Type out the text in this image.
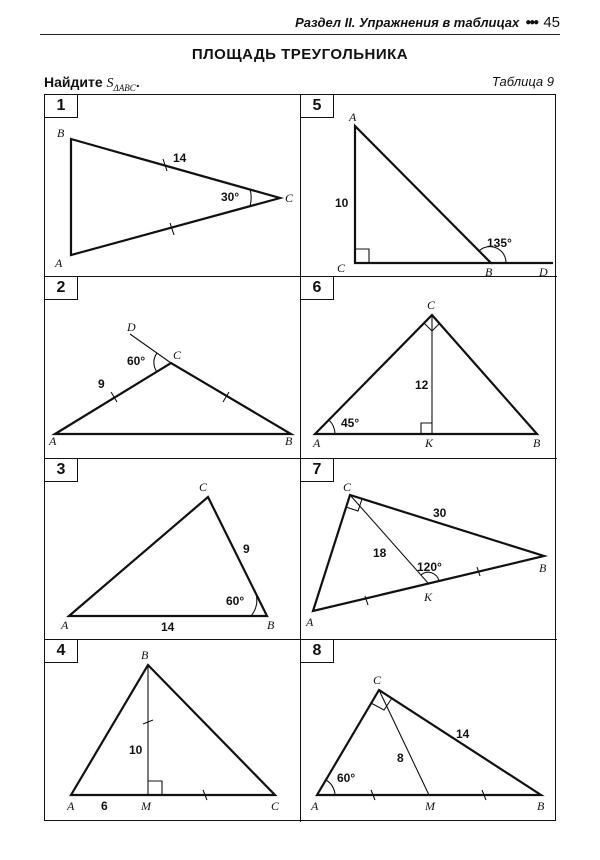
Раздел II. Упражнения в таблицах ●●● 45
ПЛОЩАДЬ ТРЕУГОЛЬНИКА
Найдите $S_{\Delta ABC}$.	Таблица 9
1
B
A
C
14
30°
5
A
C	B	D
10
135°
2
D
C
A	B
9
60°
6
C
A	K	B
12
45°
3
C
A	B
9
14
60°
7
C
A
B
K
30
18
120°
4	B
A	M	C
10
6
8
C
A	M	B
14
8
60°
